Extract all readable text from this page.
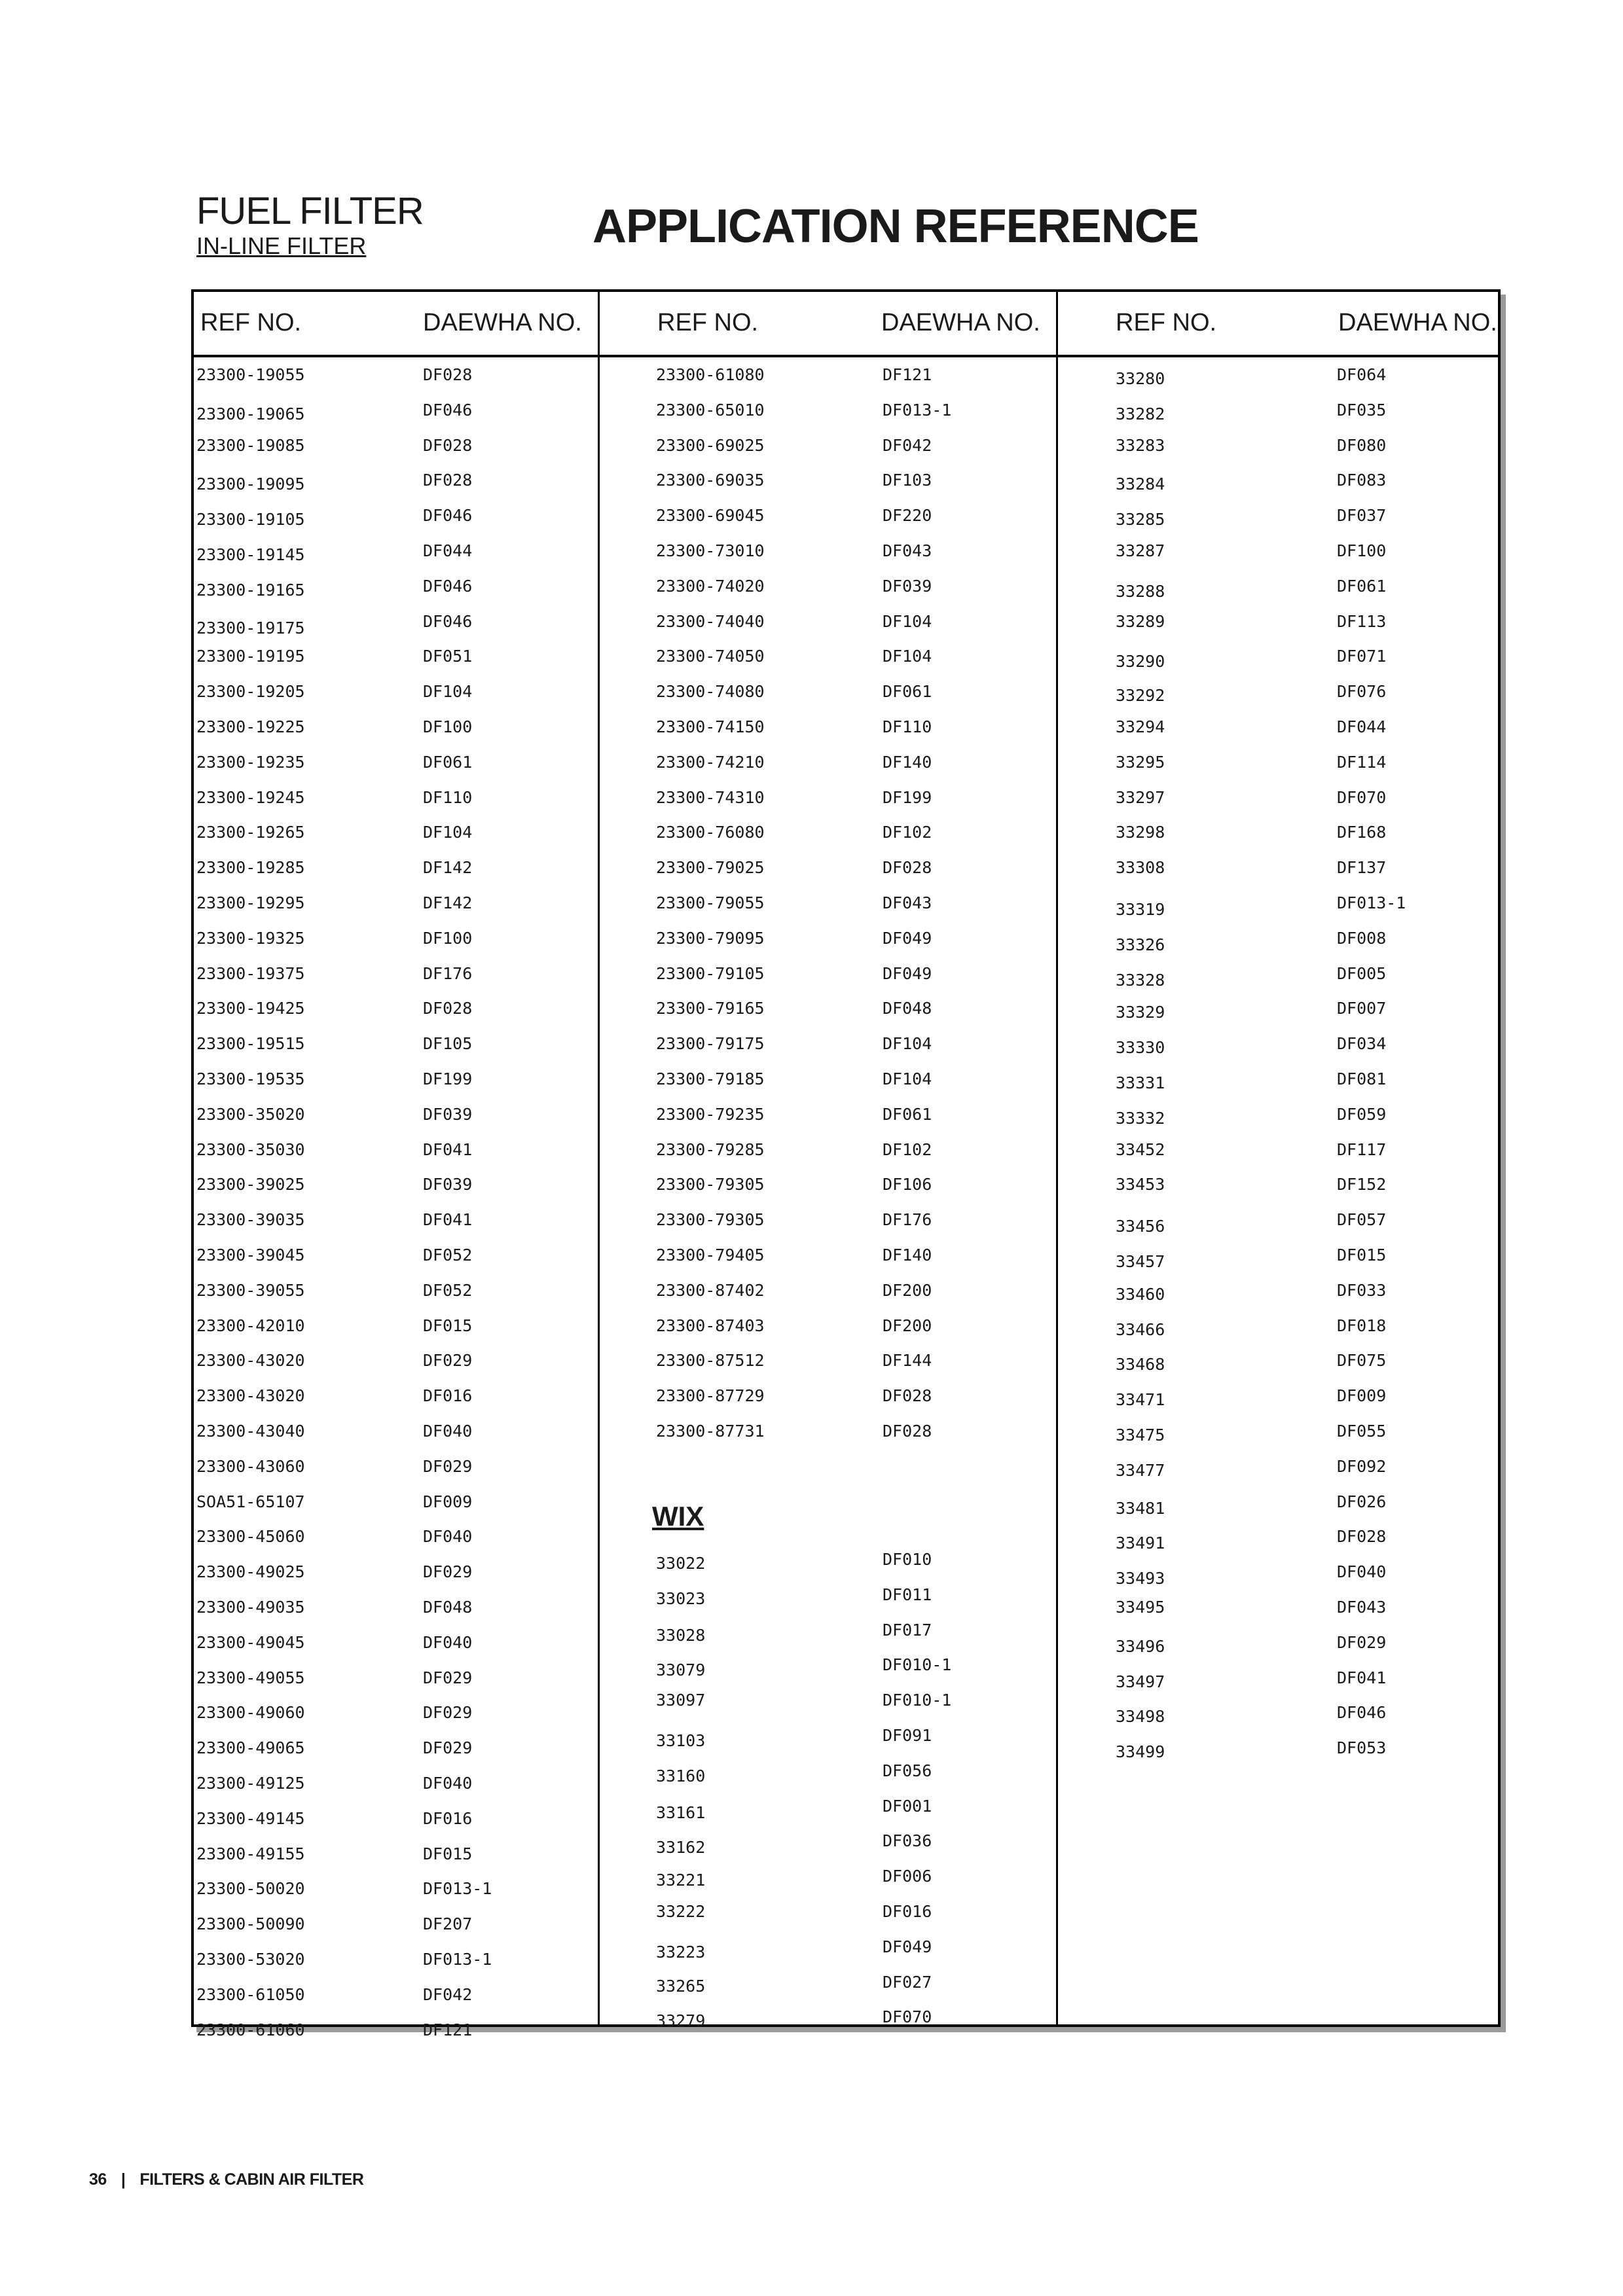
FUEL FILTER
IN-LINE FILTER	APPLICATION REFERENCE
REF NO.	DAEWHA NO.	REF NO.	DAEWHA NO.	REF NO.	DAEWHA NO.
WIX
23300-19055	DF028
23300-19065	DF046
23300-19085	DF028
23300-19095	DF028
23300-19105	DF046
23300-19145	DF044
23300-19165	DF046
23300-19175	DF046
23300-19195	DF051
23300-19205	DF104
23300-19225	DF100
23300-19235	DF061
23300-19245	DF110
23300-19265	DF104
23300-19285	DF142
23300-19295	DF142
23300-19325	DF100
23300-19375	DF176
23300-19425	DF028
23300-19515	DF105
23300-19535	DF199
23300-35020	DF039
23300-35030	DF041
23300-39025	DF039
23300-39035	DF041
23300-39045	DF052
23300-39055	DF052
23300-42010	DF015
23300-43020	DF029
23300-43020	DF016
23300-43040	DF040
23300-43060	DF029
SOA51-65107	DF009
23300-45060	DF040
23300-49025	DF029
23300-49035	DF048
23300-49045	DF040
23300-49055	DF029
23300-49060	DF029
23300-49065	DF029
23300-49125	DF040
23300-49145	DF016
23300-49155	DF015
23300-50020	DF013-1
23300-50090	DF207
23300-53020	DF013-1
23300-61050	DF042
23300-61060	DF121
23300-61080	DF121
23300-65010	DF013-1
23300-69025	DF042
23300-69035	DF103
23300-69045	DF220
23300-73010	DF043
23300-74020	DF039
23300-74040	DF104
23300-74050	DF104
23300-74080	DF061
23300-74150	DF110
23300-74210	DF140
23300-74310	DF199
23300-76080	DF102
23300-79025	DF028
23300-79055	DF043
23300-79095	DF049
23300-79105	DF049
23300-79165	DF048
23300-79175	DF104
23300-79185	DF104
23300-79235	DF061
23300-79285	DF102
23300-79305	DF106
23300-79305	DF176
23300-79405	DF140
23300-87402	DF200
23300-87403	DF200
23300-87512	DF144
23300-87729	DF028
23300-87731	DF028
33280	DF064
33282	DF035
33283	DF080
33284	DF083
33285	DF037
33287	DF100
33288	DF061
33289	DF113
33290	DF071
33292	DF076
33294	DF044
33295	DF114
33297	DF070
33298	DF168
33308	DF137
33319	DF013-1
33326	DF008
33328	DF005
33329	DF007
33330	DF034
33331	DF081
33332	DF059
33452	DF117
33453	DF152
33456	DF057
33457	DF015
33460	DF033
33466	DF018
33468	DF075
33471	DF009
33475	DF055
33477	DF092
33481	DF026
33491	DF028
33493	DF040
33495	DF043
33496	DF029
33497	DF041
33498	DF046
33499	DF053
33022	DF010
33023	DF011
33028	DF017
33079	DF010-1
33097	DF010-1
33103	DF091
33160	DF056
33161	DF001
33162	DF036
33221	DF006
33222	DF016
33223	DF049
33265	DF027
33279	DF070
36 | FILTERS & CABIN AIR FILTER
